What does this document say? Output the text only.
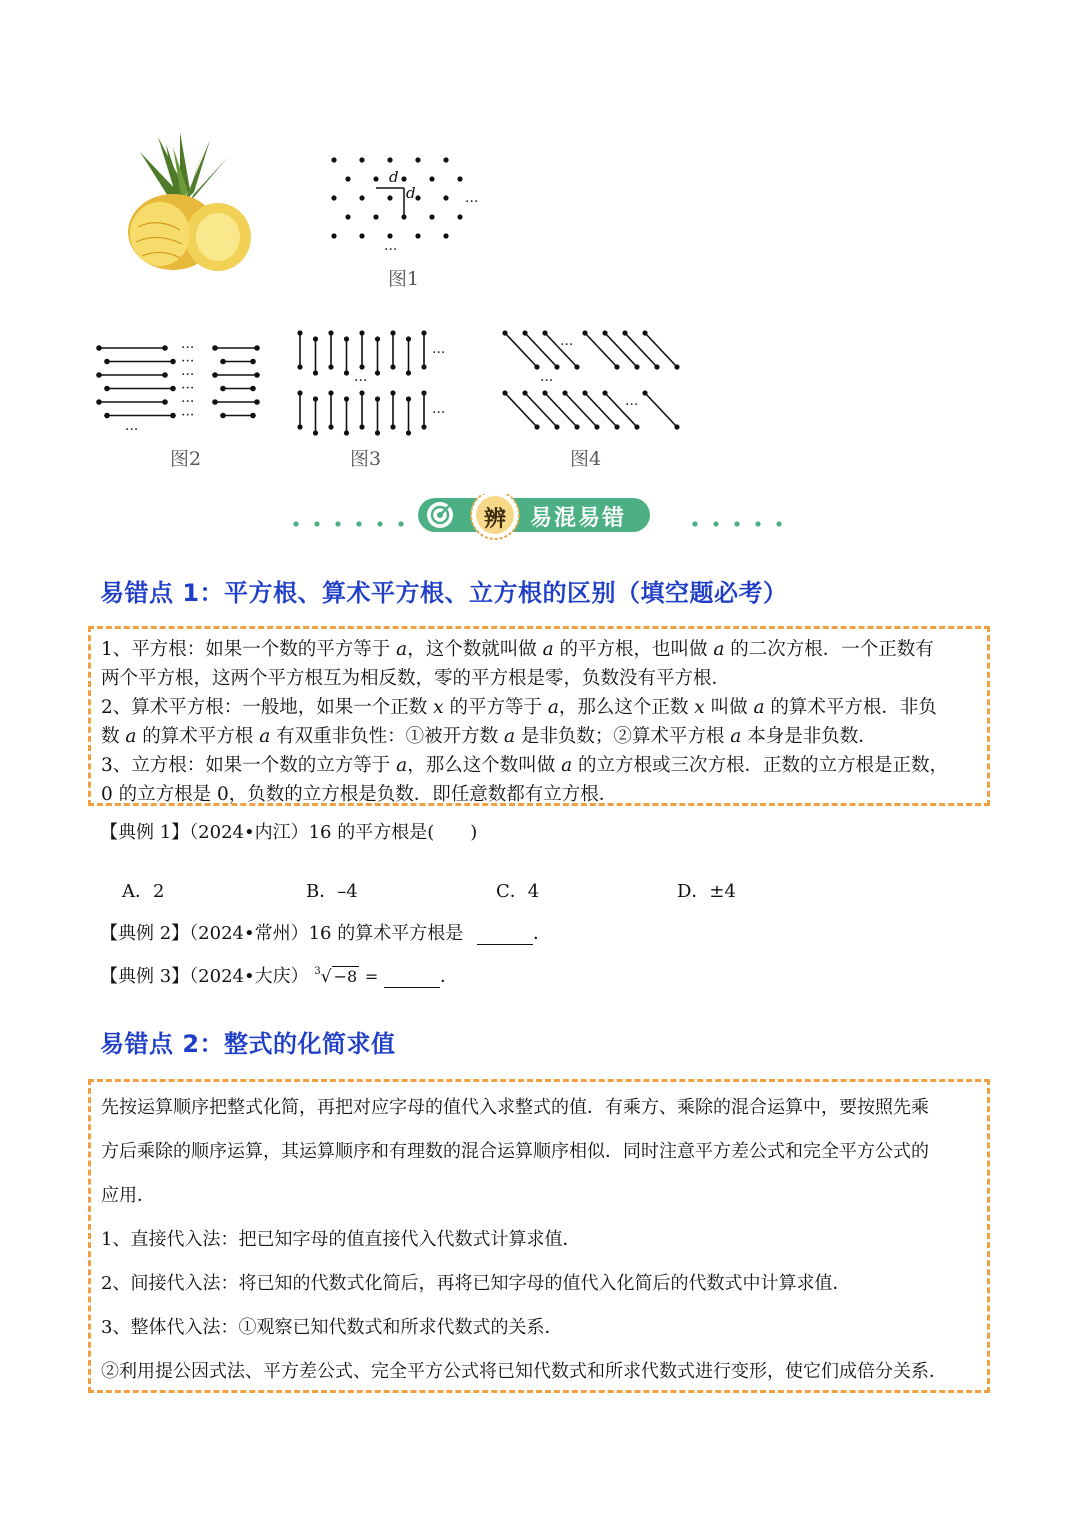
···
···
图1
d
d
···
···
···
···
···
···
···
图2
···
···
···
图3
···
···
···
图4
辨 易混易错
易错点 1：平方根、算术平方根、立方根的区别（填空题必考）
1、平方根：如果一个数的平方等于 a，这个数就叫做 a 的平方根，也叫做 a 的二次方根．一个正数有
两个平方根，这两个平方根互为相反数，零的平方根是零，负数没有平方根．
2、算术平方根：一般地，如果一个正数 x 的平方等于 a，那么这个正数 x 叫做 a 的算术平方根．非负
数 a 的算术平方根 a 有双重非负性：①被开方数 a 是非负数；②算术平方根 a 本身是非负数．
3、立方根：如果一个数的立方等于 a，那么这个数叫做 a 的立方根或三次方根．正数的立方根是正数，
0 的立方根是 0，负数的立方根是负数．即任意数都有立方根．
【典例 1】（2024•内江）16 的平方根是(　　)
A．2	B．–4	C．4	D．±4
【典例 2】（2024•常州）16 的算术平方根是	．
【典例 3】（2024•大庆） $^3$√ −8 =	．
易错点 2：整式的化简求值
先按运算顺序把整式化简，再把对应字母的值代入求整式的值．有乘方、乘除的混合运算中，要按照先乘
方后乘除的顺序运算，其运算顺序和有理数的混合运算顺序相似．同时注意平方差公式和完全平方公式的
应用．
1、直接代入法：把已知字母的值直接代入代数式计算求值．
2、间接代入法：将已知的代数式化简后，再将已知字母的值代入化简后的代数式中计算求值．
3、整体代入法：①观察已知代数式和所求代数式的关系．
②利用提公因式法、平方差公式、完全平方公式将已知代数式和所求代数式进行变形，使它们成倍分关系．
